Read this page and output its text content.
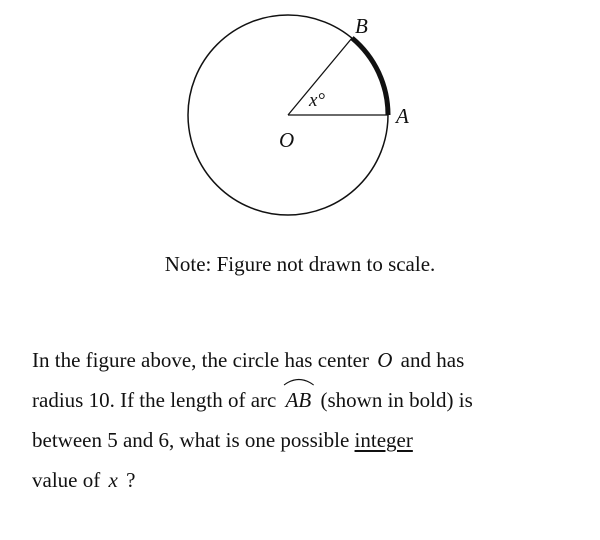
x°
O
A
B
Note: Figure not drawn to scale.
In the figure above, the circle has center O and has
radius 10. If the length of arc AB (shown in bold) is
between 5 and 6, what is one possible integer
value of x ?
